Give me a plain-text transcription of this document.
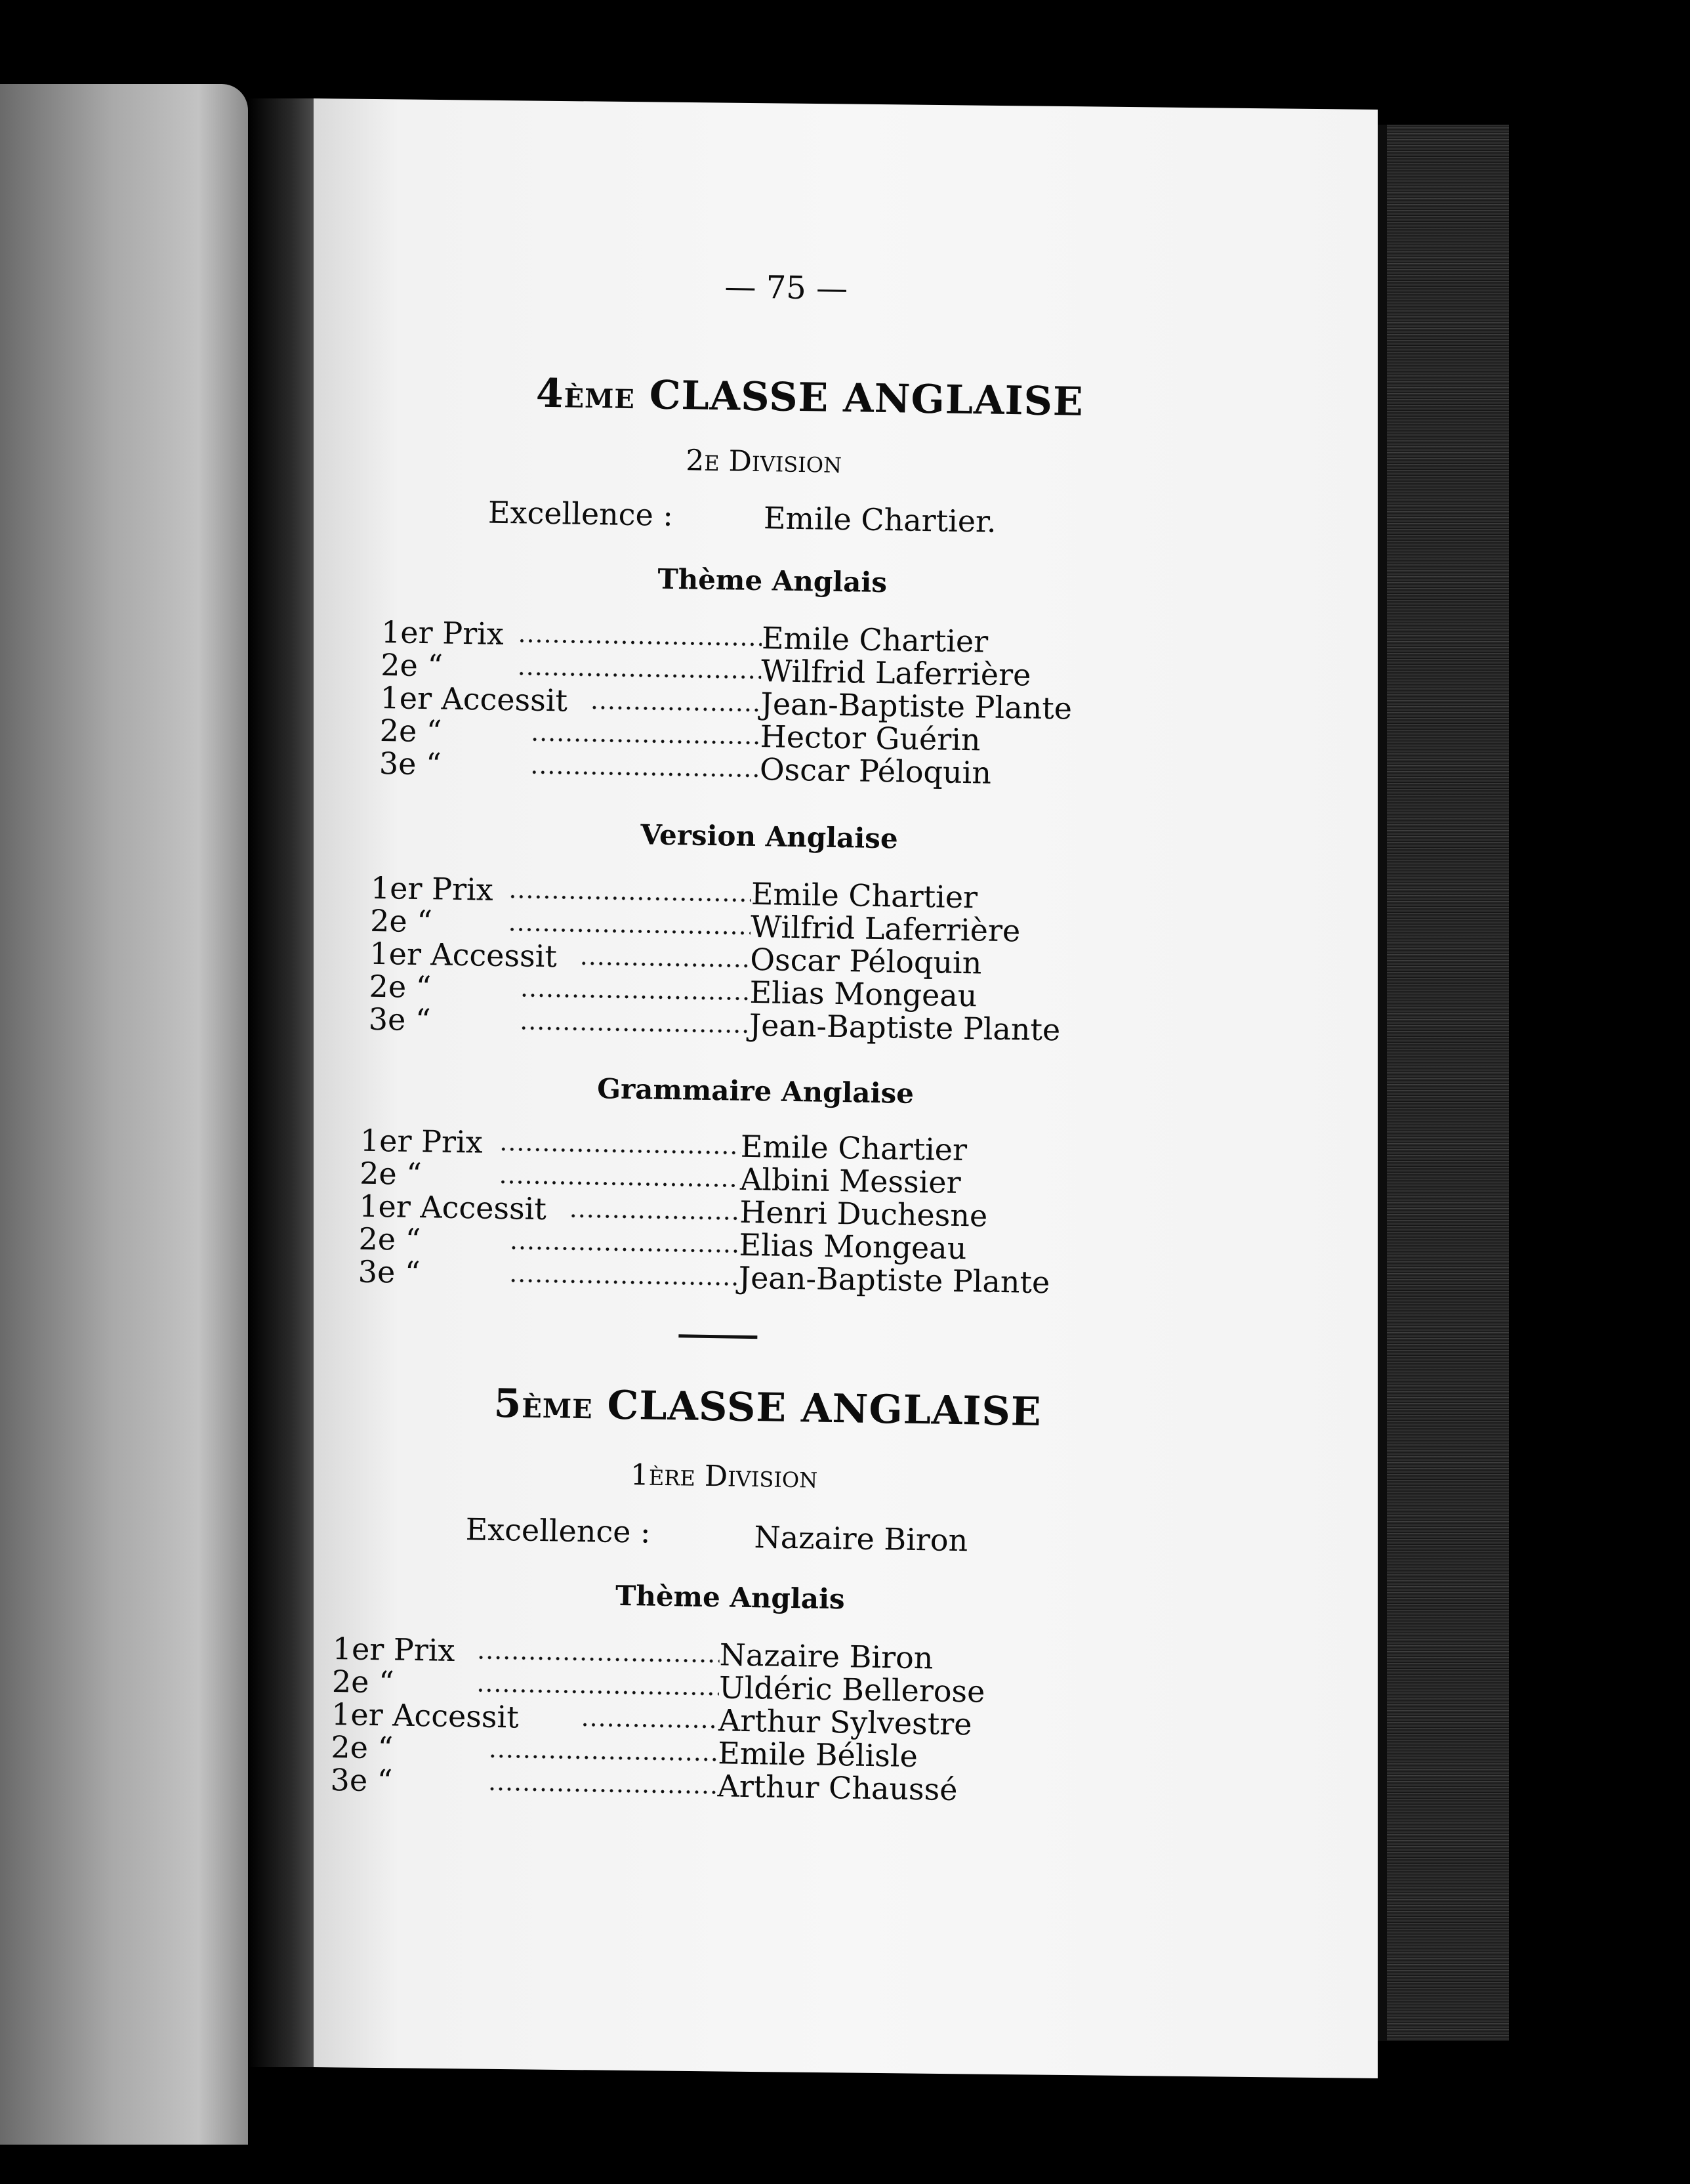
— 75 —
4ÈME CLASSE ANGLAISE
2E DIVISION
Excellence :	Emile Chartier.
Thème Anglais
1er Prix	Emile Chartier
2e “	Wilfrid Laferrière
1er Accessit	Jean-Baptiste Plante
2e “	Hector Guérin
3e “	Oscar Péloquin
Version Anglaise
1er Prix	Emile Chartier
2e “	Wilfrid Laferrière
1er Accessit	Oscar Péloquin
2e “	Elias Mongeau
3e “	Jean-Baptiste Plante
Grammaire Anglaise
1er Prix	Emile Chartier
2e “	Albini Messier
1er Accessit	Henri Duchesne
2e “	Elias Mongeau
3e “	Jean-Baptiste Plante
5ÈME CLASSE ANGLAISE
1ÈRE DIVISION
Excellence :	Nazaire Biron
Thème Anglais
1er Prix	Nazaire Biron
2e “	Uldéric Bellerose
1er Accessit	Arthur Sylvestre
2e “	Emile Bélisle
3e “	Arthur Chaussé
